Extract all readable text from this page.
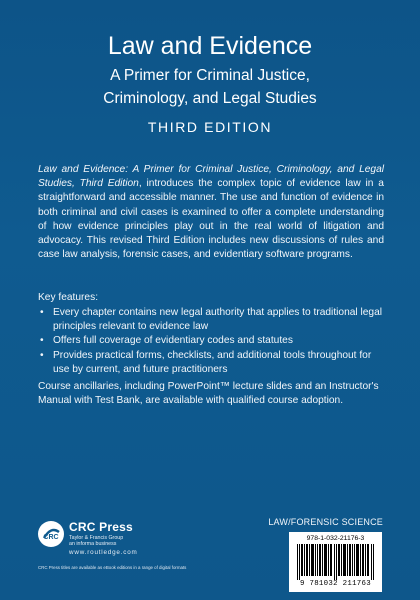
Law and Evidence
A Primer for Criminal Justice,
Criminology, and Legal Studies
THIRD EDITION
Law and Evidence: A Primer for Criminal Justice, Criminology, and Legal Studies, Third Edition, introduces the complex topic of evidence law in a straightforward and accessible manner. The use and function of evidence in both criminal and civil cases is examined to offer a complete understanding of how evidence principles play out in the real world of litigation and advocacy. This revised Third Edition includes new discussions of rules and case law analysis, forensic cases, and evidentiary software programs.
Key features:
• Every chapter contains new legal authority that applies to traditional legal principles relevant to evidence law
• Offers full coverage of evidentiary codes and statutes
• Provides practical forms, checklists, and additional tools throughout for use by current, and future practitioners
Course ancillaries, including PowerPoint™ lecture slides and an Instructor's Manual with Test Bank, are available with qualified course adoption.
LAW/FORENSIC SCIENCE
CRC
CRC Press
Taylor & Francis Group
an informa business
www.routledge.com
CRC Press titles are available as eBook editions in a range of digital formats
978-1-032-21176-3
9 781032 211763
